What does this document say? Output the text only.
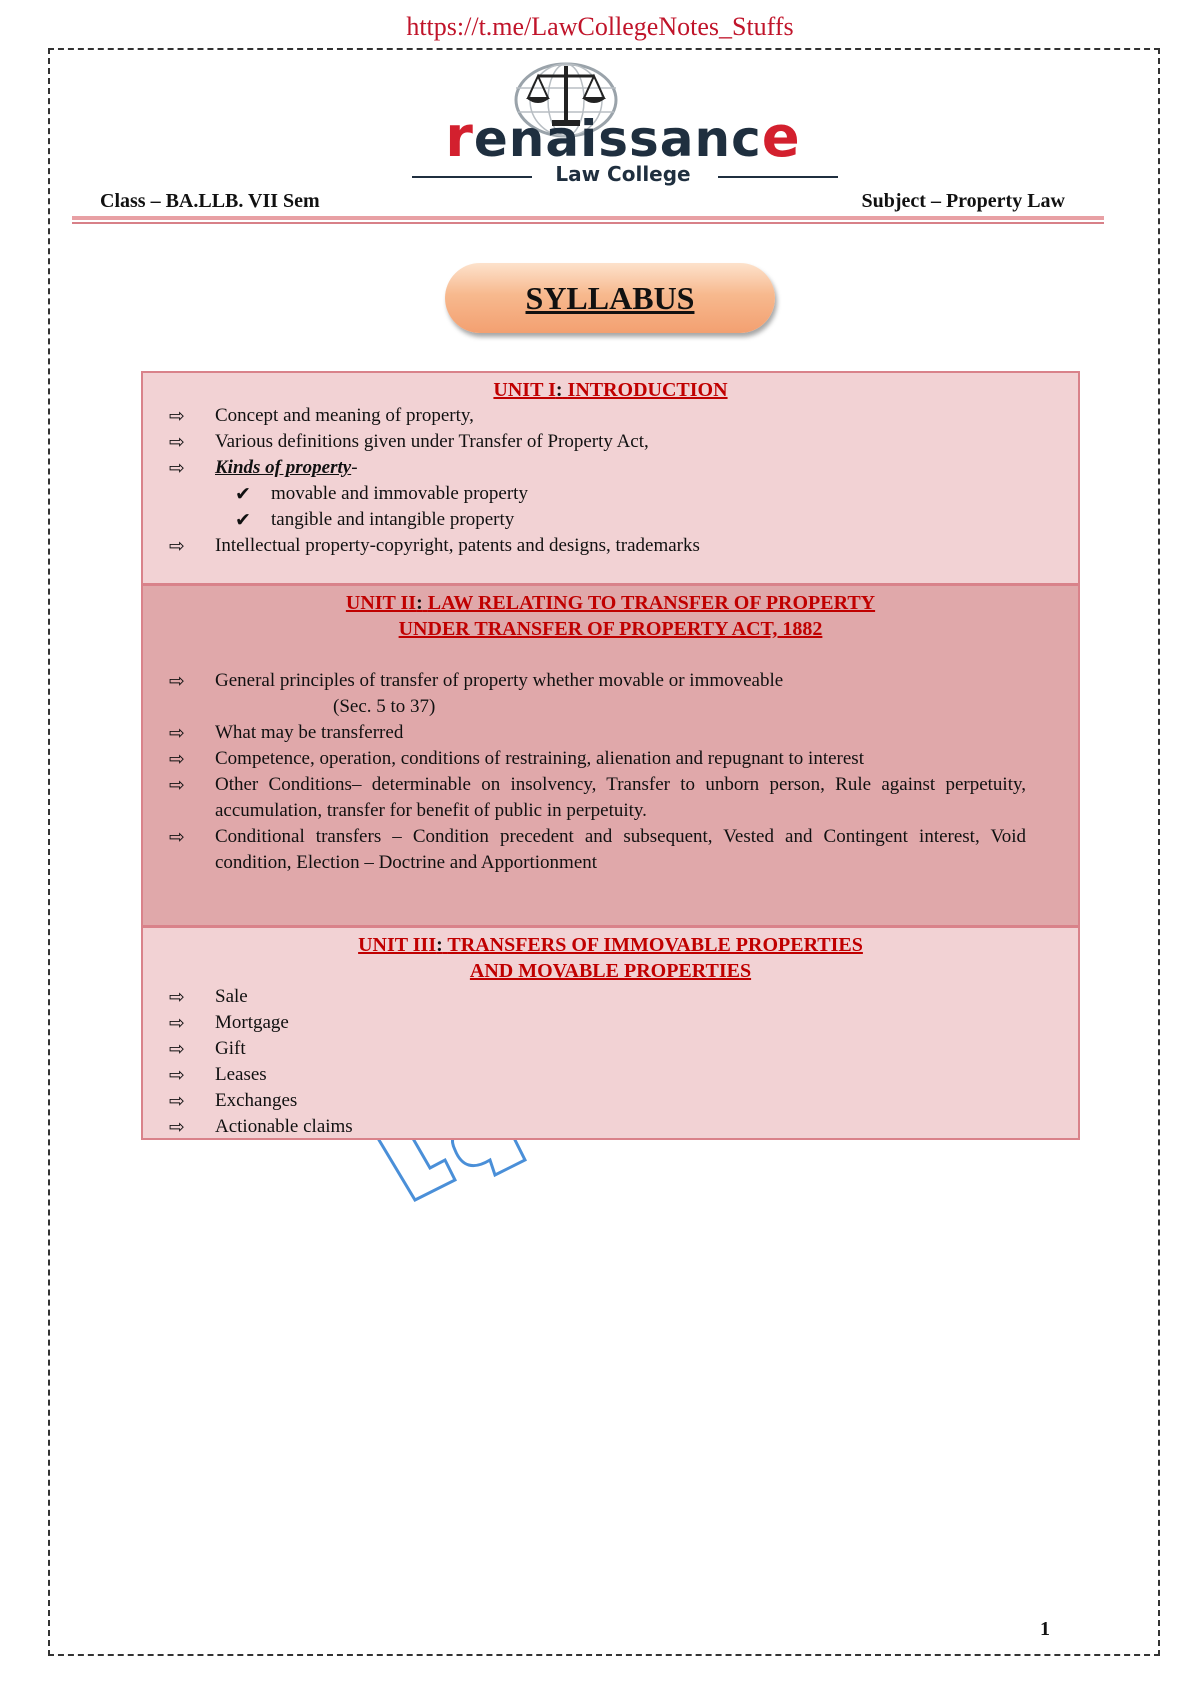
https://t.me/LawCollegeNotes_Stuffs
renaissance
Law College
Class – BA.LLB. VII Sem	Subject – Property Law
SYLLABUS
UNIT I: INTRODUCTION
⇨ Concept and meaning of property,
⇨ Various definitions given under Transfer of Property Act,
⇨ Kinds of property-
✔ movable and immovable property
✔ tangible and intangible property
⇨ Intellectual property-copyright, patents and designs, trademarks
UNIT II: LAW RELATING TO TRANSFER OF PROPERTY
UNDER TRANSFER OF PROPERTY ACT, 1882
⇨ General principles of transfer of property whether movable or immoveable
(Sec. 5 to 37)
⇨ What may be transferred
⇨ Competence, operation, conditions of restraining, alienation and repugnant to interest
⇨ Other Conditions– determinable on insolvency, Transfer to unborn person, Rule against perpetuity, accumulation, transfer for benefit of public in perpetuity.
⇨ Conditional transfers – Condition precedent and subsequent, Vested and Contingent interest, Void condition, Election – Doctrine and Apportionment
UNIT III: TRANSFERS OF IMMOVABLE PROPERTIES
AND MOVABLE PROPERTIES
⇨ Sale
⇨ Mortgage
⇨ Gift
⇨ Leases
⇨ Exchanges
⇨ Actionable claims
1
